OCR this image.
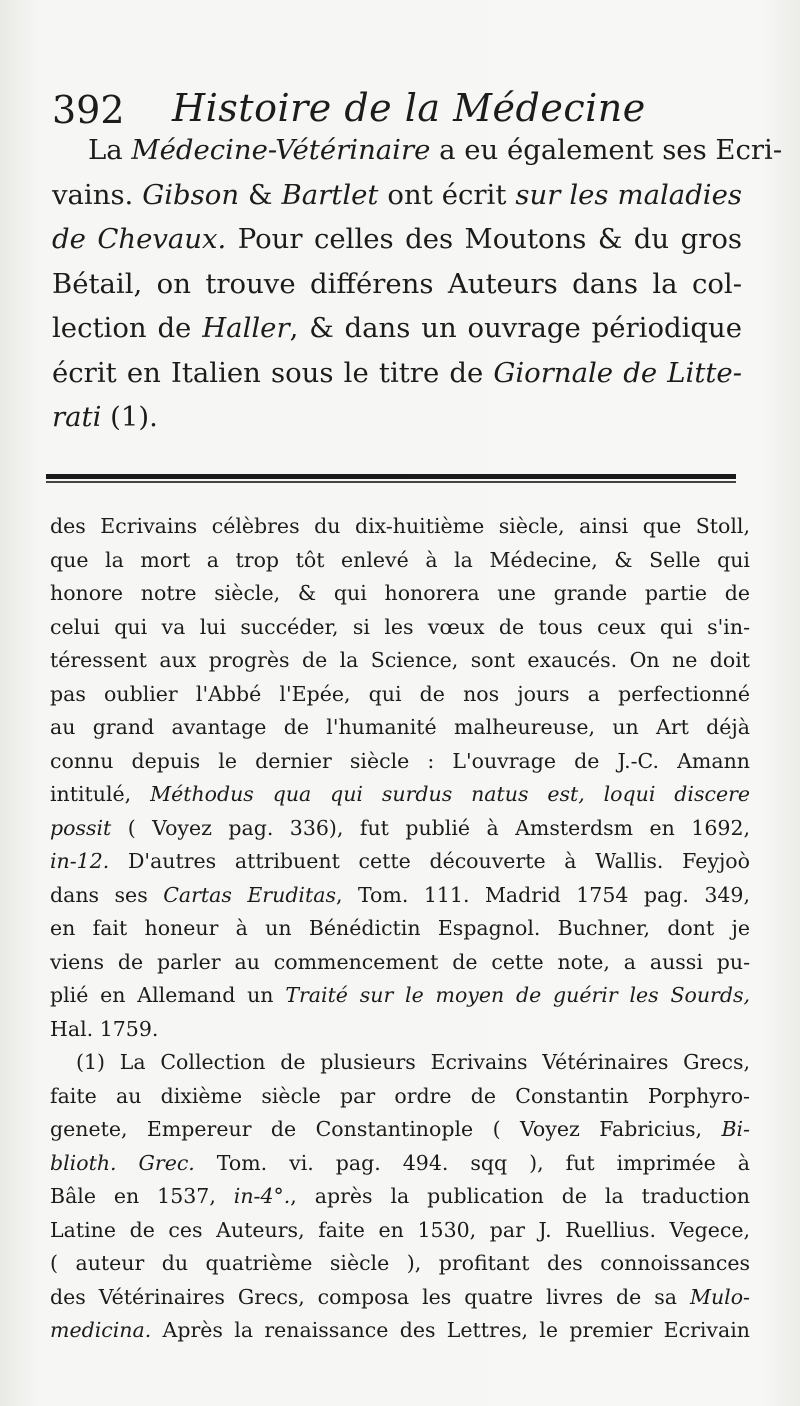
392 Histoire de la Médecine
La Médecine-Vétérinaire a eu également ses Ecri-
vains. Gibson & Bartlet ont écrit sur les maladies
de Chevaux. Pour celles des Moutons & du gros
Bétail, on trouve différens Auteurs dans la col-
lection de Haller, & dans un ouvrage périodique
écrit en Italien sous le titre de Giornale de Litte-
rati (1).
des Ecrivains célèbres du dix-huitième siècle, ainsi que Stoll,
que la mort a trop tôt enlevé à la Médecine, & Selle qui
honore notre siècle, & qui honorera une grande partie de
celui qui va lui succéder, si les vœux de tous ceux qui s'in-
téressent aux progrès de la Science, sont exaucés. On ne doit
pas oublier l'Abbé l'Epée, qui de nos jours a perfectionné
au grand avantage de l'humanité malheureuse, un Art déjà
connu depuis le dernier siècle : L'ouvrage de J.-C. Amann
intitulé, Méthodus qua qui surdus natus est, loqui discere
possit ( Voyez pag. 336), fut publié à Amsterdsm en 1692,
in-12. D'autres attribuent cette découverte à Wallis. Feyjoò
dans ses Cartas Eruditas, Tom. 111. Madrid 1754 pag. 349,
en fait honeur à un Bénédictin Espagnol. Buchner, dont je
viens de parler au commencement de cette note, a aussi pu-
plié en Allemand un Traité sur le moyen de guérir les Sourds,
Hal. 1759.
(1) La Collection de plusieurs Ecrivains Vétérinaires Grecs,
faite au dixième siècle par ordre de Constantin Porphyro-
genete, Empereur de Constantinople ( Voyez Fabricius, Bi-
blioth. Grec. Tom. vi. pag. 494. sqq ), fut imprimée à
Bâle en 1537, in-4°., après la publication de la traduction
Latine de ces Auteurs, faite en 1530, par J. Ruellius. Vegece,
( auteur du quatrième siècle ), profitant des connoissances
des Vétérinaires Grecs, composa les quatre livres de sa Mulo-
medicina. Après la renaissance des Lettres, le premier Ecrivain
